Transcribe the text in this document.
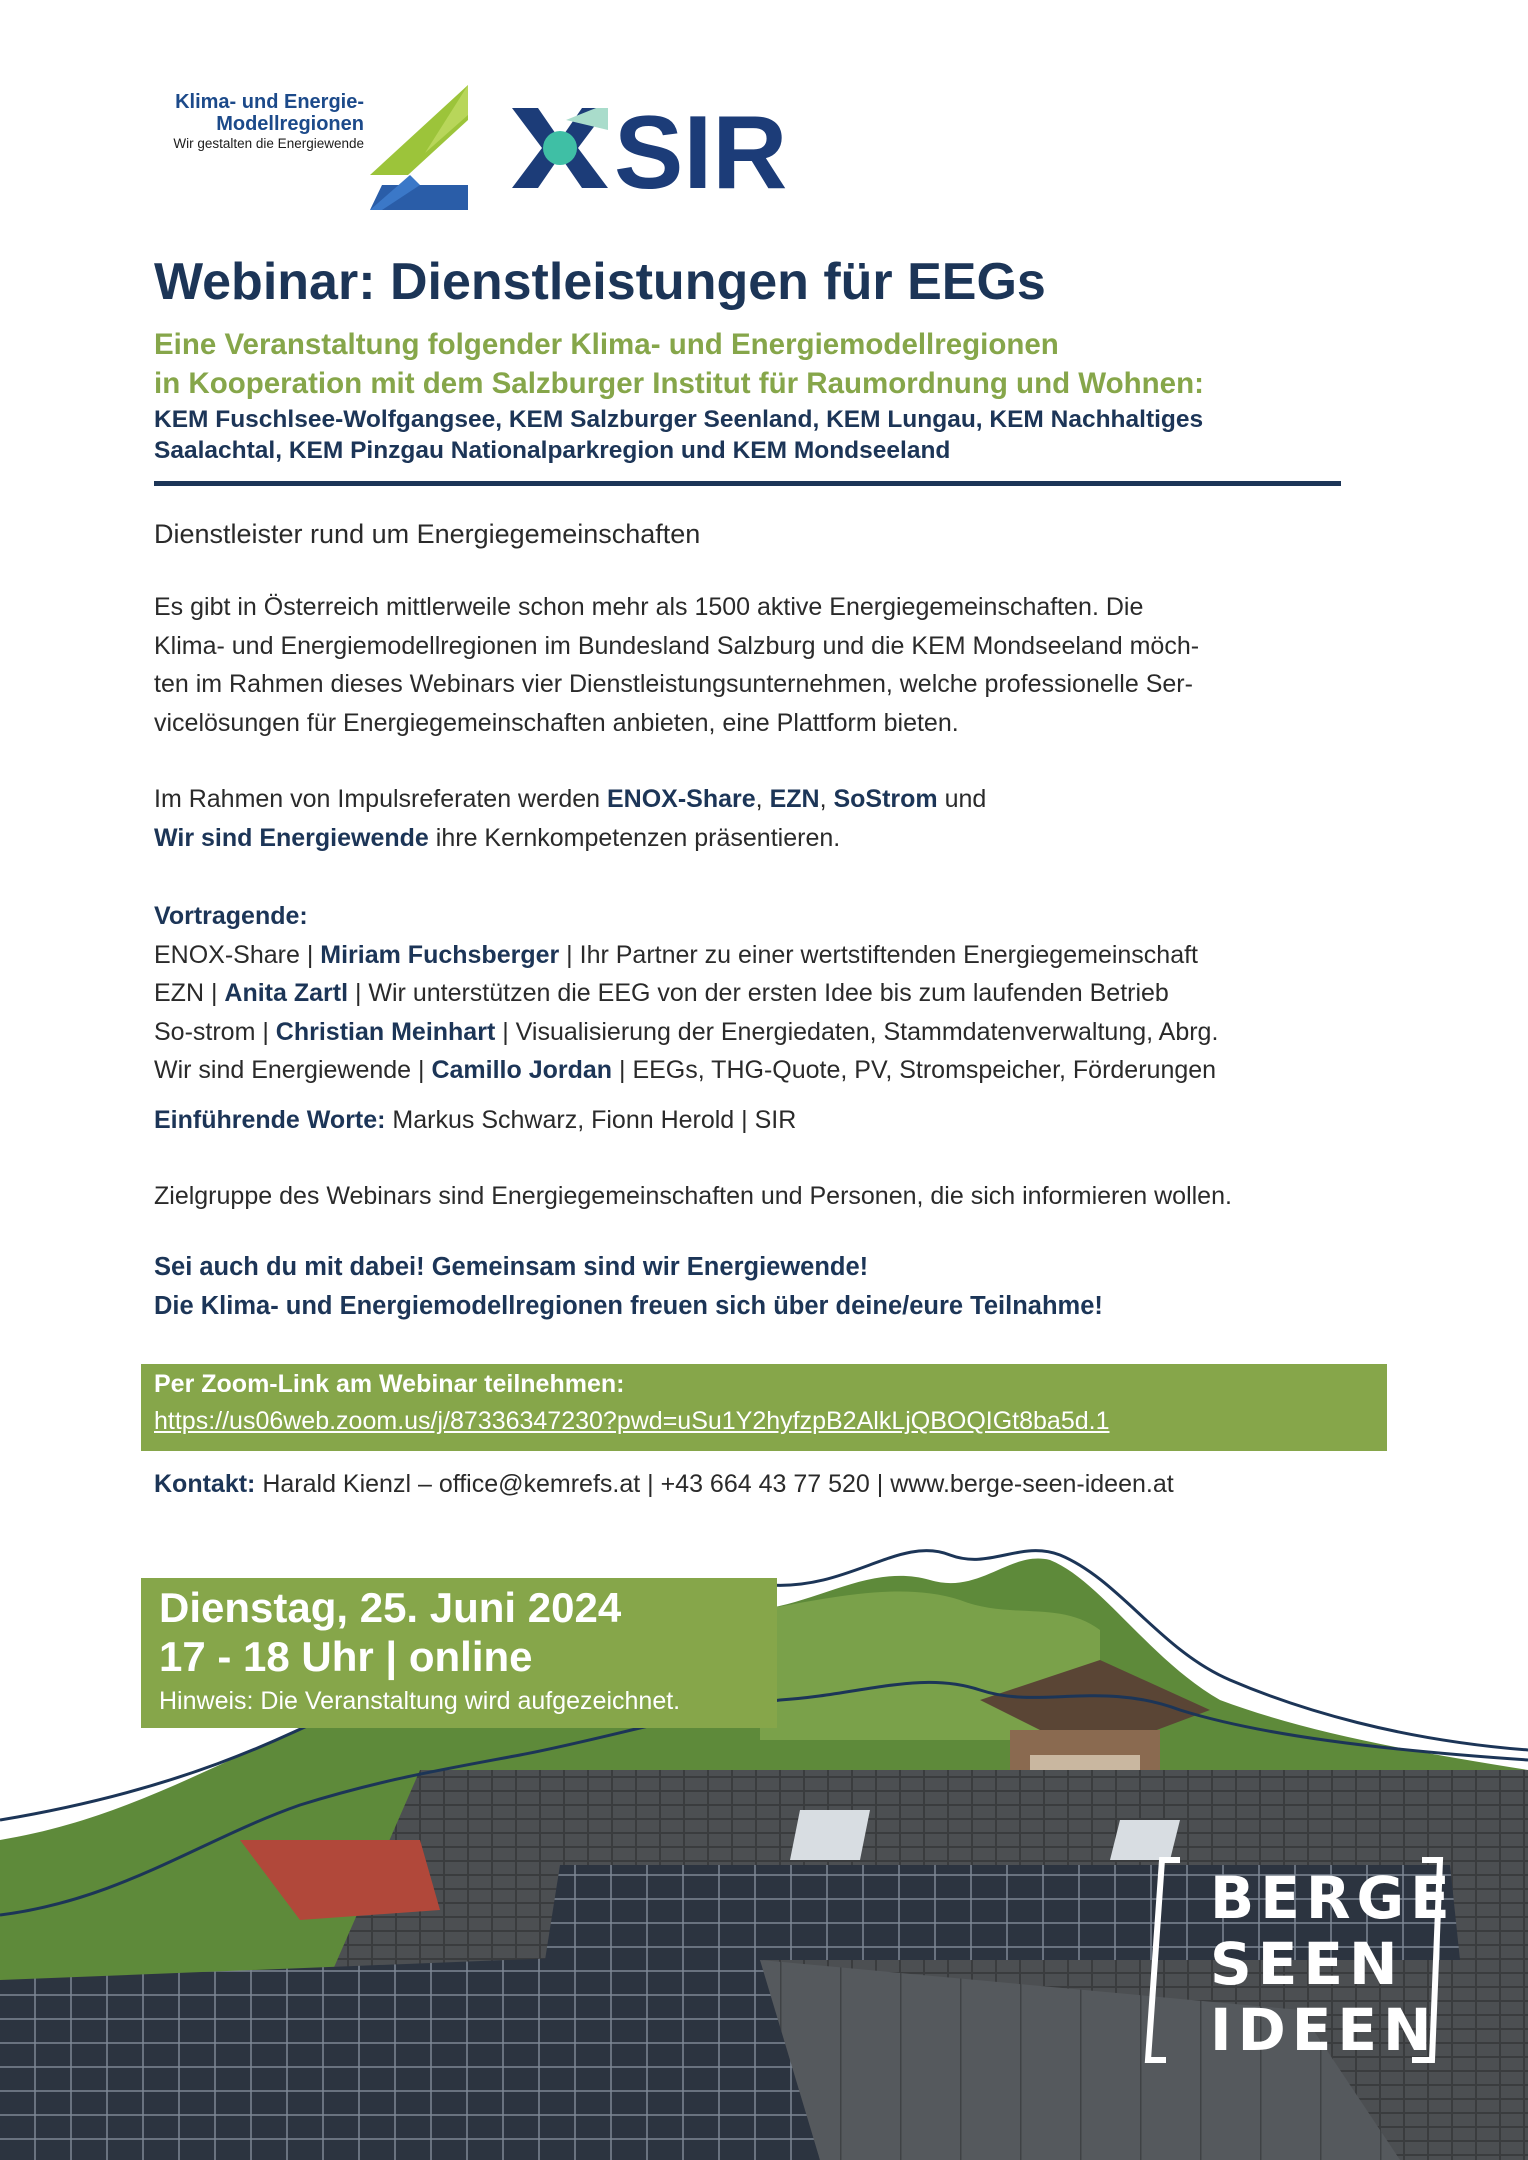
Klima- und Energie-
Modellregionen
Wir gestalten die Energiewende SIR
Webinar: Dienstleistungen für EEGs
Eine Veranstaltung folgender Klima- und Energiemodellregionen
in Kooperation mit dem Salzburger Institut für Raumordnung und Wohnen:
KEM Fuschlsee-Wolfgangsee, KEM Salzburger Seenland, KEM Lungau, KEM Nachhaltiges
Saalachtal, KEM Pinzgau Nationalparkregion und KEM Mondseeland
Dienstleister rund um Energiegemeinschaften
Es gibt in Österreich mittlerweile schon mehr als 1500 aktive Energiegemeinschaften. Die
Klima- und Energiemodellregionen im Bundesland Salzburg und die KEM Mondseeland möch-
ten im Rahmen dieses Webinars vier Dienstleistungsunternehmen, welche professionelle Ser-
vicelösungen für Energiegemeinschaften anbieten, eine Plattform bieten.
Im Rahmen von Impulsreferaten werden ENOX-Share, EZN, SoStrom und
Wir sind Energiewende ihre Kernkompetenzen präsentieren.
Vortragende:
ENOX-Share | Miriam Fuchsberger | Ihr Partner zu einer wertstiftenden Energiegemeinschaft
EZN | Anita Zartl | Wir unterstützen die EEG von der ersten Idee bis zum laufenden Betrieb
So-strom | Christian Meinhart | Visualisierung der Energiedaten, Stammdatenverwaltung, Abrg.
Wir sind Energiewende | Camillo Jordan | EEGs, THG-Quote, PV, Stromspeicher, Förderungen
Einführende Worte: Markus Schwarz, Fionn Herold | SIR
Zielgruppe des Webinars sind Energiegemeinschaften und Personen, die sich informieren wollen.
Sei auch du mit dabei! Gemeinsam sind wir Energiewende!
Die Klima- und Energiemodellregionen freuen sich über deine/eure Teilnahme!
Per Zoom-Link am Webinar teilnehmen:
https://us06web.zoom.us/j/87336347230?pwd=uSu1Y2hyfzpB2AlkLjQBOQIGt8ba5d.1
Kontakt: Harald Kienzl – office@kemrefs.at | +43 664 43 77 520 | www.berge-seen-ideen.at
Dienstag, 25. Juni 2024
17 - 18 Uhr | online
Hinweis: Die Veranstaltung wird aufgezeichnet.
BERGE
SEEN
IDEEN
